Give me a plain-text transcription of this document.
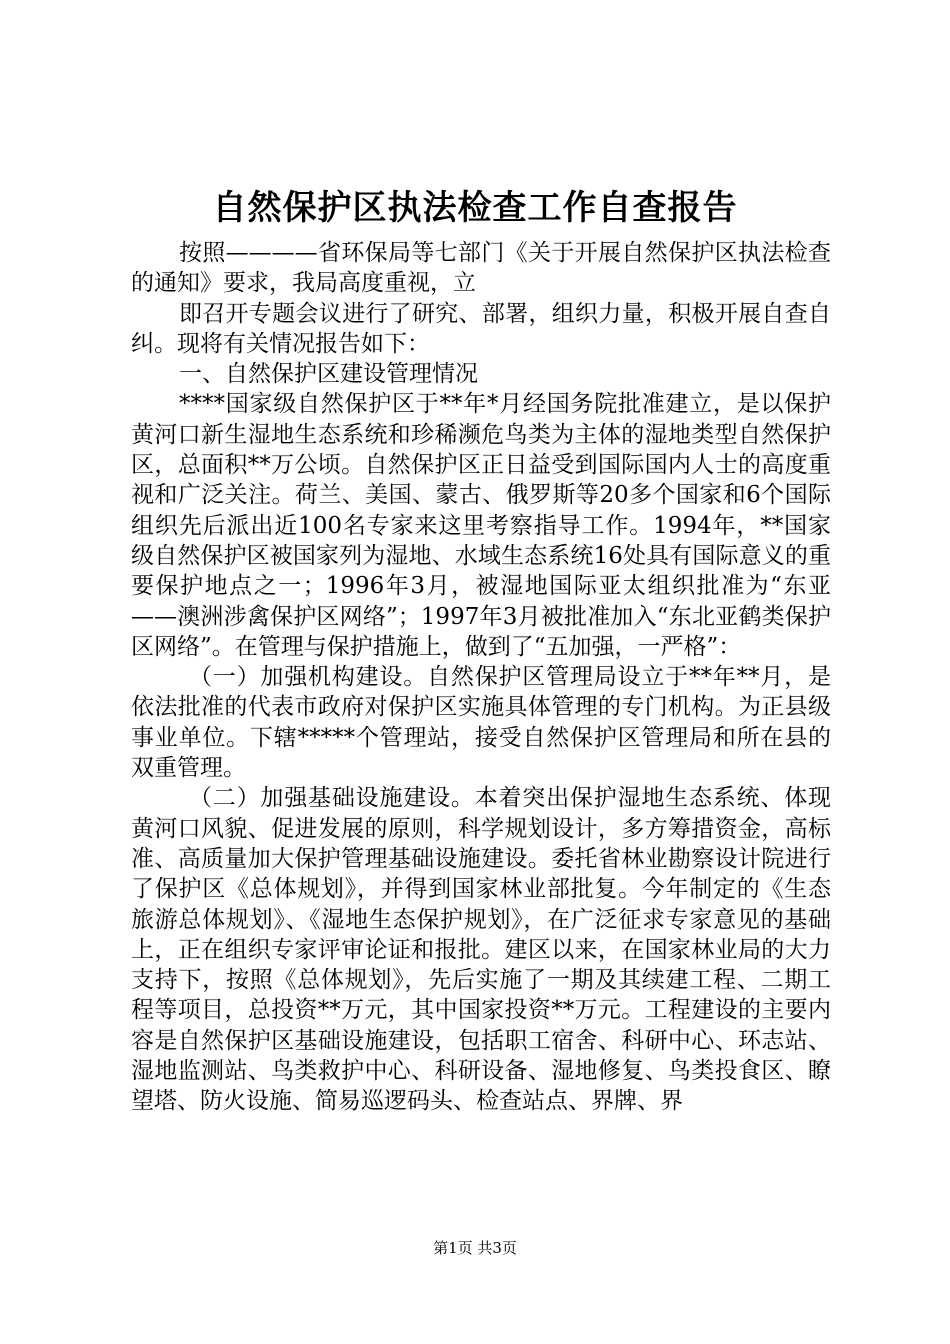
自然保护区执法检查工作自查报告

按照————省环保局等七部门《关于开展自然保护区执法检查的通知》要求，我局高度重视，立

即召开专题会议进行了研究、部署，组织力量，积极开展自查自纠。现将有关情况报告如下：

一、自然保护区建设管理情况

****国家级自然保护区于**年*月经国务院批准建立，是以保护黄河口新生湿地生态系统和珍稀濒危鸟类为主体的湿地类型自然保护区，总面积**万公顷。自然保护区正日益受到国际国内人士的高度重视和广泛关注。荷兰、美国、蒙古、俄罗斯等20多个国家和6个国际组织先后派出近100名专家来这里考察指导工作。1994年，**国家级自然保护区被国家列为湿地、水域生态系统16处具有国际意义的重要保护地点之一；1996年3月，被湿地国际亚太组织批准为“东亚——澳洲涉禽保护区网络”；1997年3月被批准加入“东北亚鹤类保护区网络”。在管理与保护措施上，做到了“五加强，一严格”：

（一）加强机构建设。自然保护区管理局设立于**年**月，是依法批准的代表市政府对保护区实施具体管理的专门机构。为正县级事业单位。下辖*****个管理站，接受自然保护区管理局和所在县的双重管理。

（二）加强基础设施建设。本着突出保护湿地生态系统、体现黄河口风貌、促进发展的原则，科学规划设计，多方筹措资金，高标准、高质量加大保护管理基础设施建设。委托省林业勘察设计院进行了保护区《总体规划》，并得到国家林业部批复。今年制定的《生态旅游总体规划》、《湿地生态保护规划》，在广泛征求专家意见的基础上，正在组织专家评审论证和报批。建区以来，在国家林业局的大力支持下，按照《总体规划》，先后实施了一期及其续建工程、二期工程等项目，总投资**万元，其中国家投资**万元。工程建设的主要内容是自然保护区基础设施建设，包括职工宿舍、科研中心、环志站、湿地监测站、鸟类救护中心、科研设备、湿地修复、鸟类投食区、瞭望塔、防火设施、简易巡逻码头、检查站点、界牌、界

第1页 共3页
